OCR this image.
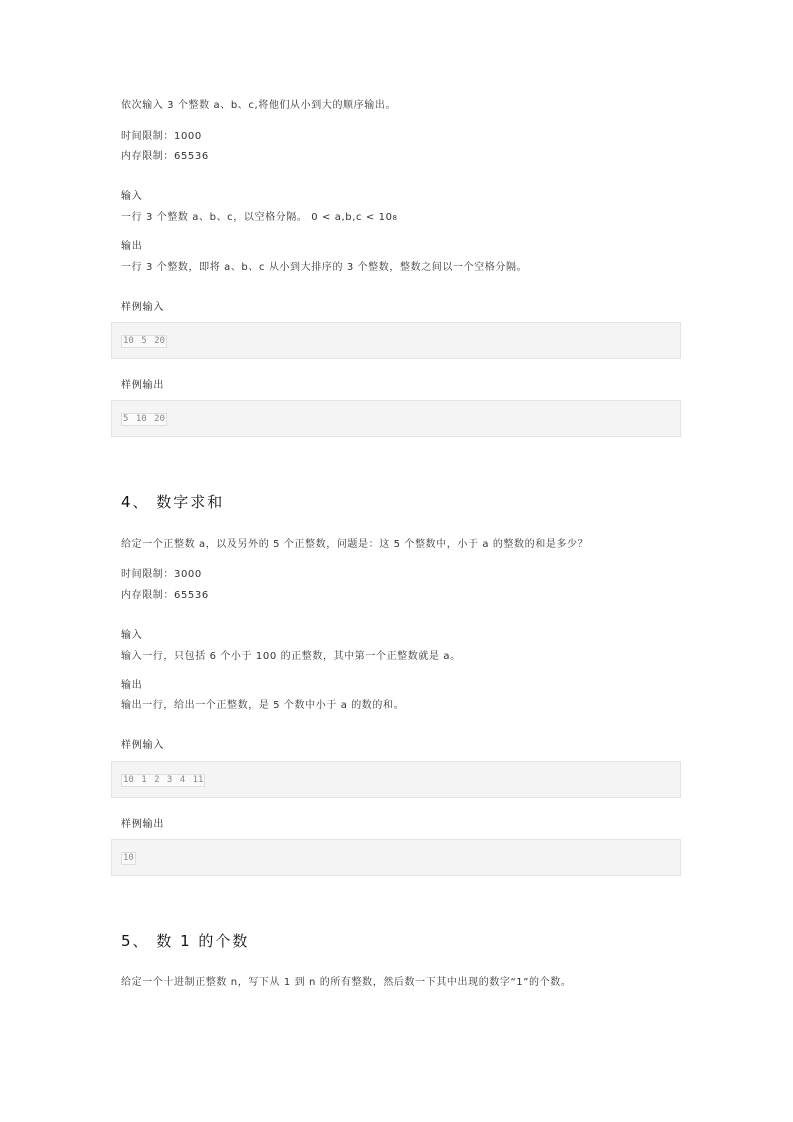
依次输入 3 个整数 a、b、c,将他们从小到大的顺序输出。
时间限制：1000
内存限制：65536
输入
一行 3 个整数 a、b、c，以空格分隔。 0 < a,b,c < 108
输出
一行 3 个整数，即将 a、b、c 从小到大排序的 3 个整数，整数之间以一个空格分隔。
样例输入
10 5 20
样例输出
5 10 20
4、 数字求和
给定一个正整数 a，以及另外的 5 个正整数，问题是：这 5 个整数中，小于 a 的整数的和是多少？
时间限制：3000
内存限制：65536
输入
输入一行，只包括 6 个小于 100 的正整数，其中第一个正整数就是 a。
输出
输出一行，给出一个正整数，是 5 个数中小于 a 的数的和。
样例输入
10 1 2 3 4 11
样例输出
10
5、 数 1 的个数
给定一个十进制正整数 n，写下从 1 到 n 的所有整数，然后数一下其中出现的数字“1”的个数。
